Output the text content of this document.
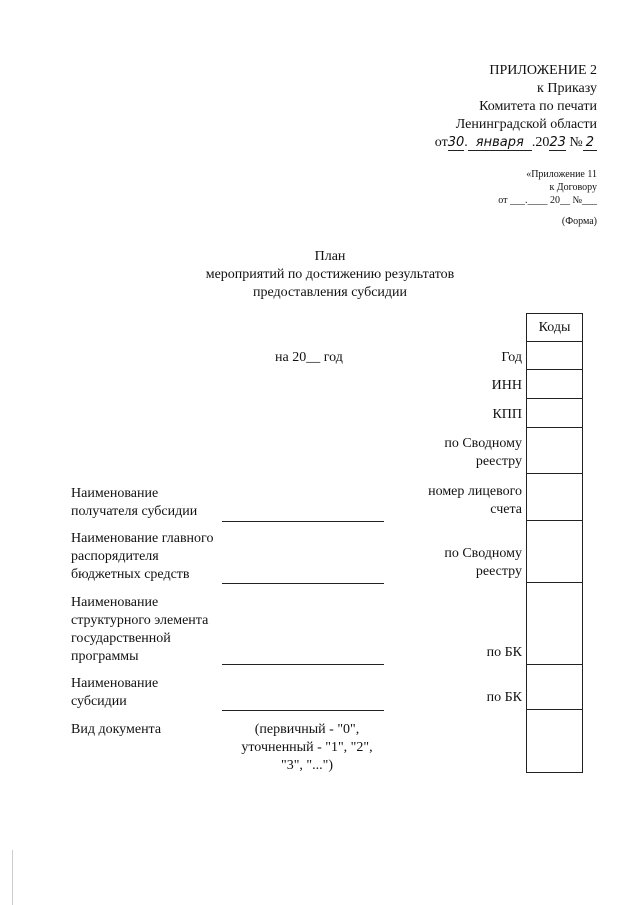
ПРИЛОЖЕНИЕ 2
к Приказу
Комитета по печати
Ленинградской области
от30. января .2023 № 2
«Приложение 11
к Договору
от ___.____ 20__ №___
(Форма)
План
мероприятий по достижению результатов
предоставления субсидии
на 20__ год
Коды
Год
ИНН
КПП
по Сводному
реестру
номер лицевого
счета
по Сводному
реестру
по БК
по БК
Наименование
получателя субсидии
Наименование главного
распорядителя
бюджетных средств
Наименование
структурного элемента
государственной
программы
Наименование
субсидии
Вид документа	(первичный - "0",
уточненный - "1", "2",
"3", "...")
